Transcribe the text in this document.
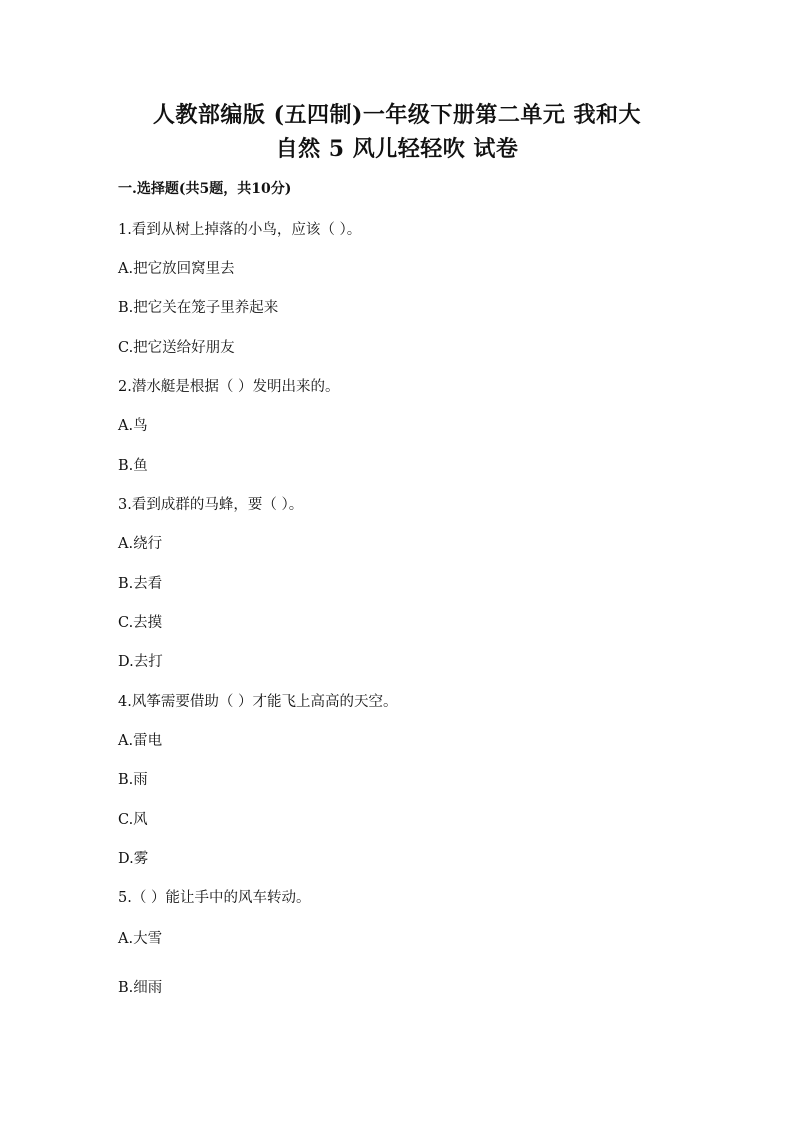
人教部编版 (五四制)一年级下册第二单元 我和大
自然 5 风儿轻轻吹 试卷
一.选择题(共5题，共10分)
1.看到从树上掉落的小鸟，应该（ ）。
A.把它放回窝里去
B.把它关在笼子里养起来
C.把它送给好朋友
2.潜水艇是根据（ ）发明出来的。
A.鸟
B.鱼
3.看到成群的马蜂，要（ ）。
A.绕行
B.去看
C.去摸
D.去打
4.风筝需要借助（ ）才能飞上高高的天空。
A.雷电
B.雨
C.风
D.雾
5.（ ）能让手中的风车转动。
A.大雪
B.细雨
